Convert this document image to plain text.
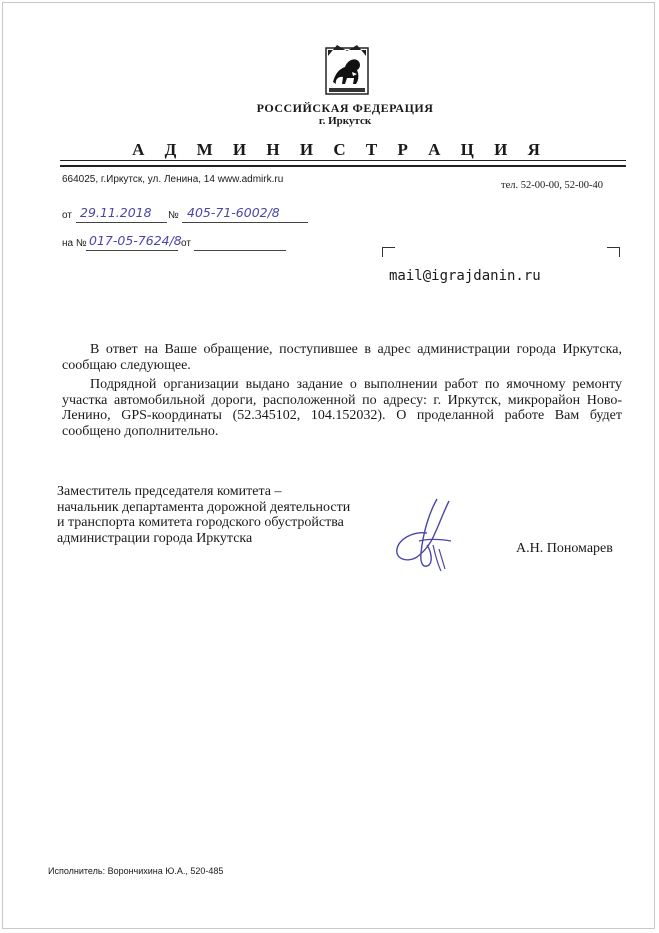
РОССИЙСКАЯ ФЕДЕРАЦИЯ
г. Иркутск
А Д М И Н И С Т Р А Ц И Я
664025, г.Иркутск, ул. Ленина, 14 www.admirk.ru
тел. 52-00-00, 52-00-40
от 29.11.2018 № 405-71-6002/8
на № 017-05-7624/8 от
mail@igrajdanin.ru
В ответ на Ваше обращение, поступившее в адрес администрации города Иркутска, сообщаю следующее.
Подрядной организации выдано задание о выполнении работ по ямочному ремонту участка автомобильной дороги, расположенной по адресу: г. Иркутск, микрорайон Ново-Ленино, GPS-координаты (52.345102, 104.152032). О проделанной работе Вам будет сообщено дополнительно.
Заместитель председателя комитета –
начальник департамента дорожной деятельности
и транспорта комитета городского обустройства
администрации города Иркутска
А.Н. Пономарев
Исполнитель: Ворончихина Ю.А., 520-485
